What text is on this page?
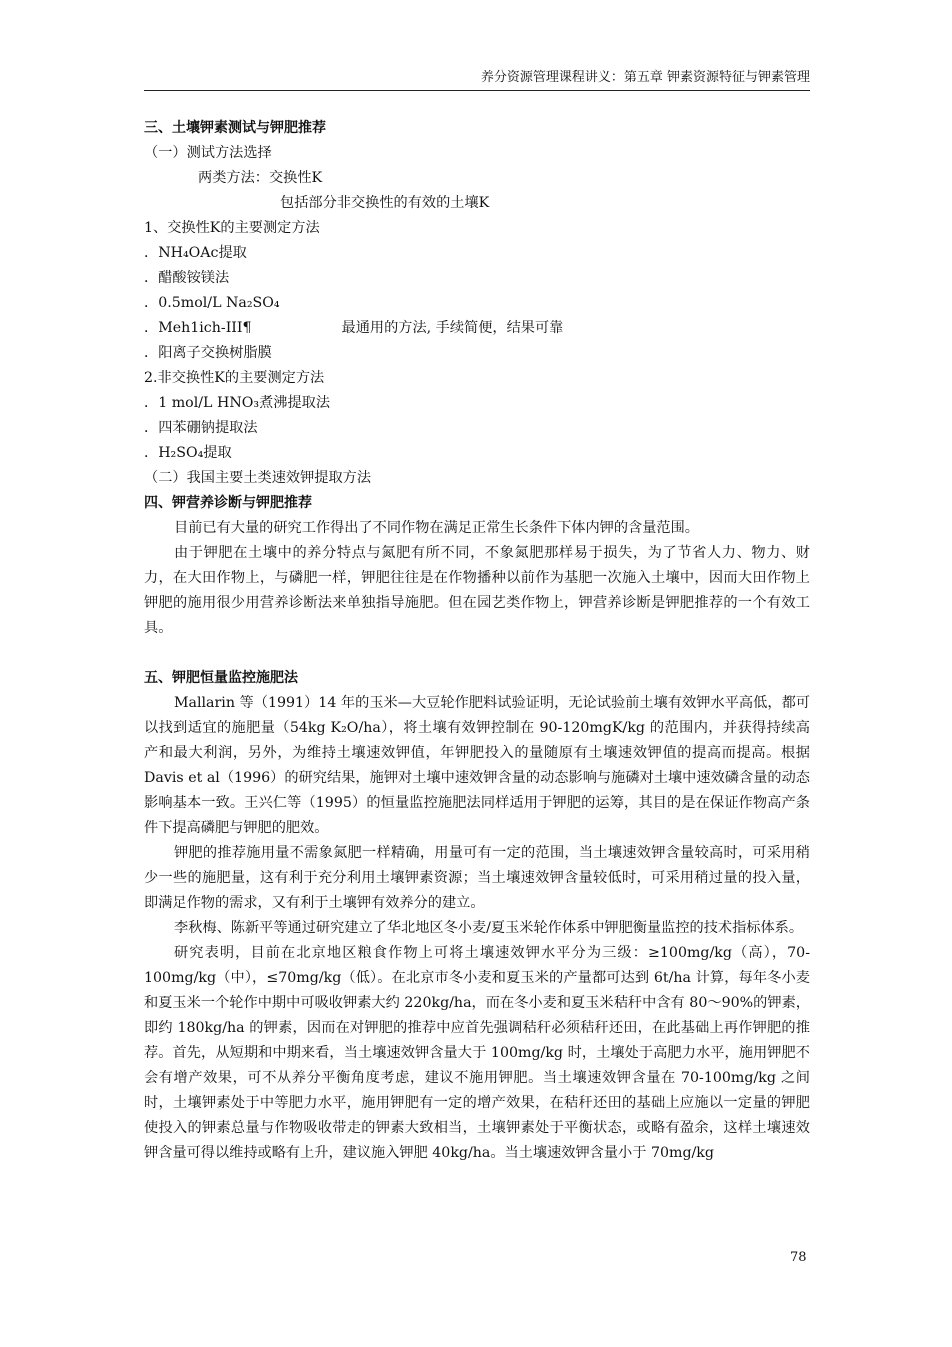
养分资源管理课程讲义：第五章 钾素资源特征与钾素管理
三、土壤钾素测试与钾肥推荐
（一）测试方法选择
两类方法：交换性K
包括部分非交换性的有效的土壤K
1、交换性K的主要测定方法
．NH₄OAc提取
．醋酸铵镁法
．0.5mol/L Na₂SO₄
．Meh1ich-III¶	最通用的方法, 手续简便，结果可靠
．阳离子交换树脂膜
2.非交换性K的主要测定方法
．1 mol/L HNO₃煮沸提取法
．四苯硼钠提取法
．H₂SO₄提取
（二）我国主要土类速效钾提取方法
四、钾营养诊断与钾肥推荐

目前已有大量的研究工作得出了不同作物在满足正常生长条件下体内钾的含量范围。

由于钾肥在土壤中的养分特点与氮肥有所不同，不象氮肥那样易于损失，为了节省人力、物力、财力，在大田作物上，与磷肥一样，钾肥往往是在作物播种以前作为基肥一次施入土壤中，因而大田作物上钾肥的施用很少用营养诊断法来单独指导施肥。但在园艺类作物上，钾营养诊断是钾肥推荐的一个有效工具。

五、钾肥恒量监控施肥法

Mallarin 等（1991）14 年的玉米—大豆轮作肥料试验证明，无论试验前土壤有效钾水平高低，都可以找到适宜的施肥量（54kg K₂O/ha），将土壤有效钾控制在 90-120mgK/kg 的范围内，并获得持续高产和最大利润，另外，为维持土壤速效钾值，年钾肥投入的量随原有土壤速效钾值的提高而提高。根据 Davis et al（1996）的研究结果，施钾对土壤中速效钾含量的动态影响与施磷对土壤中速效磷含量的动态影响基本一致。王兴仁等（1995）的恒量监控施肥法同样适用于钾肥的运筹，其目的是在保证作物高产条件下提高磷肥与钾肥的肥效。

钾肥的推荐施用量不需象氮肥一样精确，用量可有一定的范围，当土壤速效钾含量较高时，可采用稍少一些的施肥量，这有利于充分利用土壤钾素资源；当土壤速效钾含量较低时，可采用稍过量的投入量，即满足作物的需求，又有利于土壤钾有效养分的建立。

李秋梅、陈新平等通过研究建立了华北地区冬小麦/夏玉米轮作体系中钾肥衡量监控的技术指标体系。

研究表明，目前在北京地区粮食作物上可将土壤速效钾水平分为三级：≥100mg/kg（高），70-100mg/kg（中），≤70mg/kg（低）。在北京市冬小麦和夏玉米的产量都可达到 6t/ha 计算，每年冬小麦和夏玉米一个轮作中期中可吸收钾素大约 220kg/ha，而在冬小麦和夏玉米秸秆中含有 80～90%的钾素，即约 180kg/ha 的钾素，因而在对钾肥的推荐中应首先强调秸秆必须秸秆还田，在此基础上再作钾肥的推荐。首先，从短期和中期来看，当土壤速效钾含量大于 100mg/kg 时，土壤处于高肥力水平，施用钾肥不会有增产效果，可不从养分平衡角度考虑，建议不施用钾肥。当土壤速效钾含量在 70-100mg/kg 之间时，土壤钾素处于中等肥力水平，施用钾肥有一定的增产效果，在秸秆还田的基础上应施以一定量的钾肥使投入的钾素总量与作物吸收带走的钾素大致相当，土壤钾素处于平衡状态，或略有盈余，这样土壤速效钾含量可得以维持或略有上升，建议施入钾肥 40kg/ha。当土壤速效钾含量小于 70mg/kg

78
